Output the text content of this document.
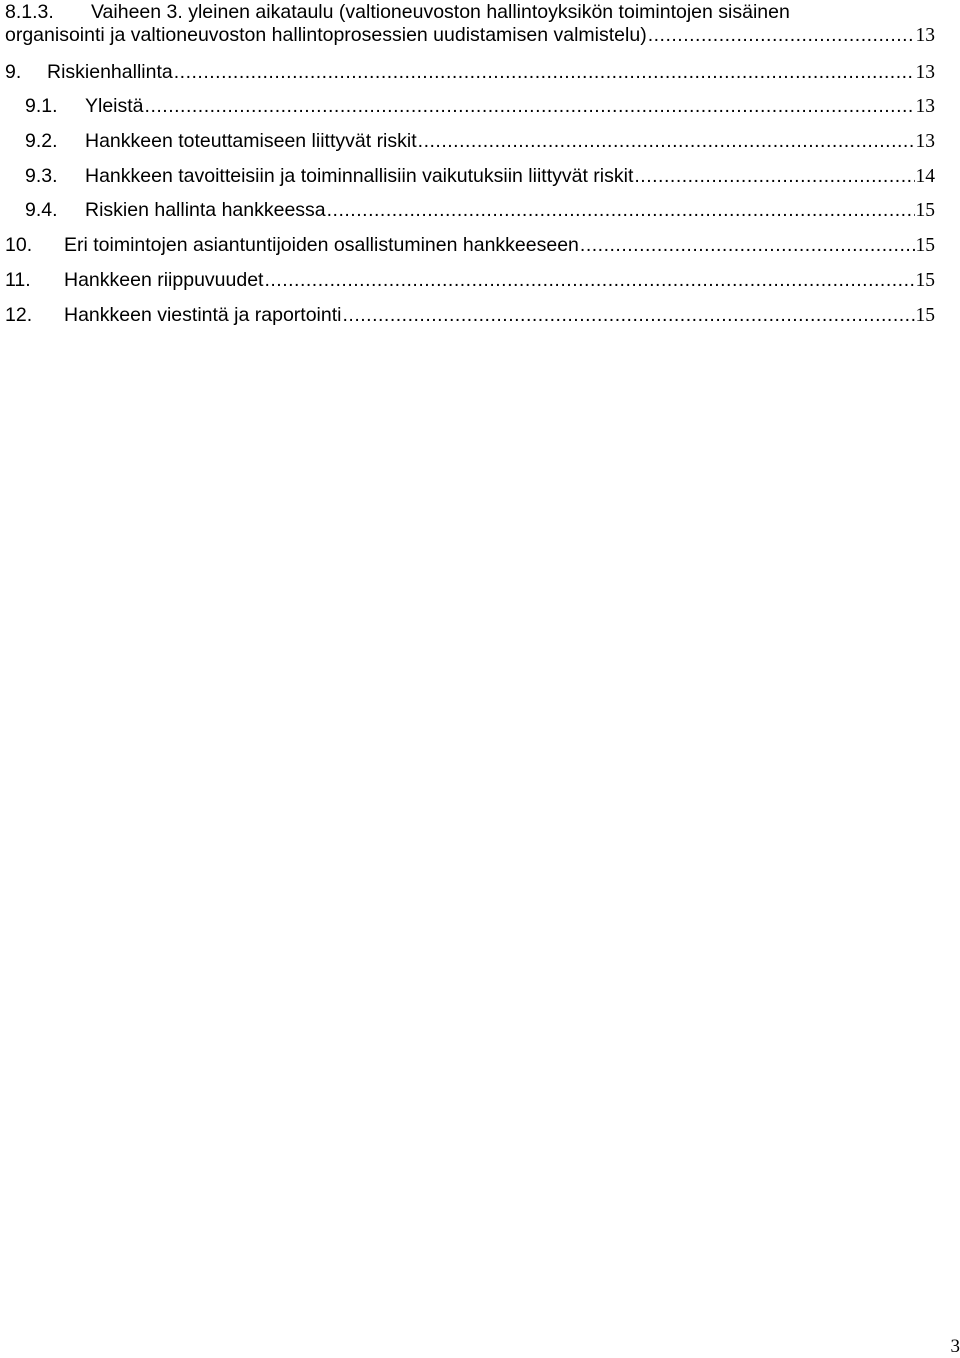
8.1.3. Vaiheen 3. yleinen aikataulu (valtioneuvoston hallintoyksikön toimintojen sisäinen
organisointi ja valtioneuvoston hallintoprosessien uudistamisen valmistelu) .....	13
9. Riskienhallinta .....	13
9.1. Yleistä .....	13
9.2. Hankkeen toteuttamiseen liittyvät riskit .....	13
9.3. Hankkeen tavoitteisiin ja toiminnallisiin vaikutuksiin liittyvät riskit .....	14
9.4. Riskien hallinta hankkeessa .....	15
10. Eri toimintojen asiantuntijoiden osallistuminen hankkeeseen .....	15
11. Hankkeen riippuvuudet .....	15
12. Hankkeen viestintä ja raportointi .....	15
3
